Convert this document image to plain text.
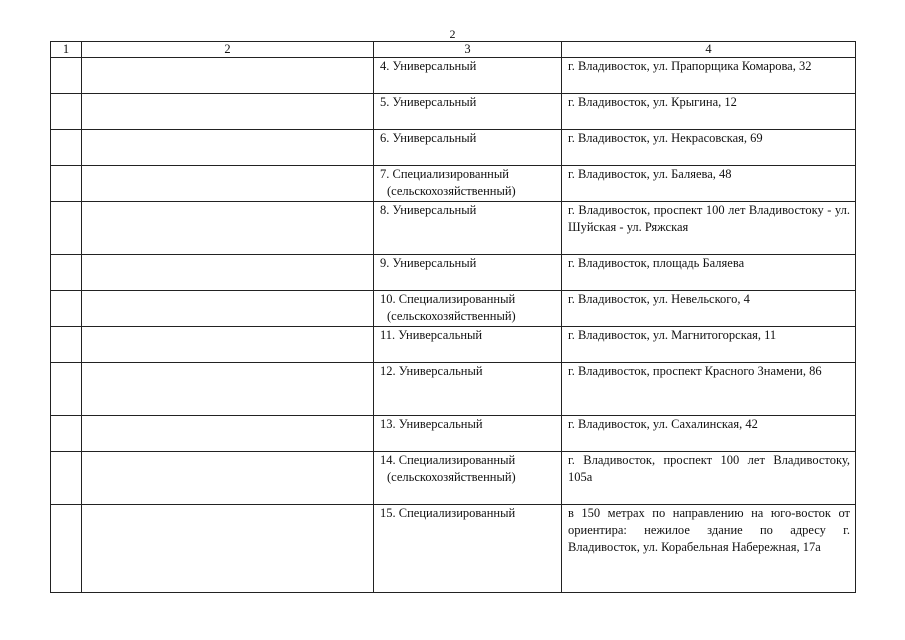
2
1	2	3	4

		4. Универсальный	г. Владивосток, ул. Прапорщика Комарова, 32

		5. Универсальный	г. Владивосток, ул. Крыгина, 12

		6. Универсальный	г. Владивосток, ул. Некрасовская, 69

		7. Специализированный
(сельскохозяйственный)	г. Владивосток, ул. Баляева, 48

		8. Универсальный	г. Владивосток, проспект 100 лет Владивостоку - ул. Шуйская - ул. Ряжская

		9. Универсальный	г. Владивосток, площадь Баляева

		10. Специализированный
(сельскохозяйственный)	г. Владивосток, ул. Невельского, 4

		11. Универсальный	г. Владивосток, ул. Магнитогорская, 11

		12. Универсальный	г. Владивосток, проспект Красного Знамени, 86

		13. Универсальный	г. Владивосток, ул. Сахалинская, 42

		14. Специализированный
(сельскохозяйственный)	г. Владивосток, проспект 100 лет Владивостоку, 105а

		15. Специализированный	в 150 метрах по направлению на юго-восток от ориентира: нежилое здание по адресу г. Владивосток, ул. Корабельная Набережная, 17а
